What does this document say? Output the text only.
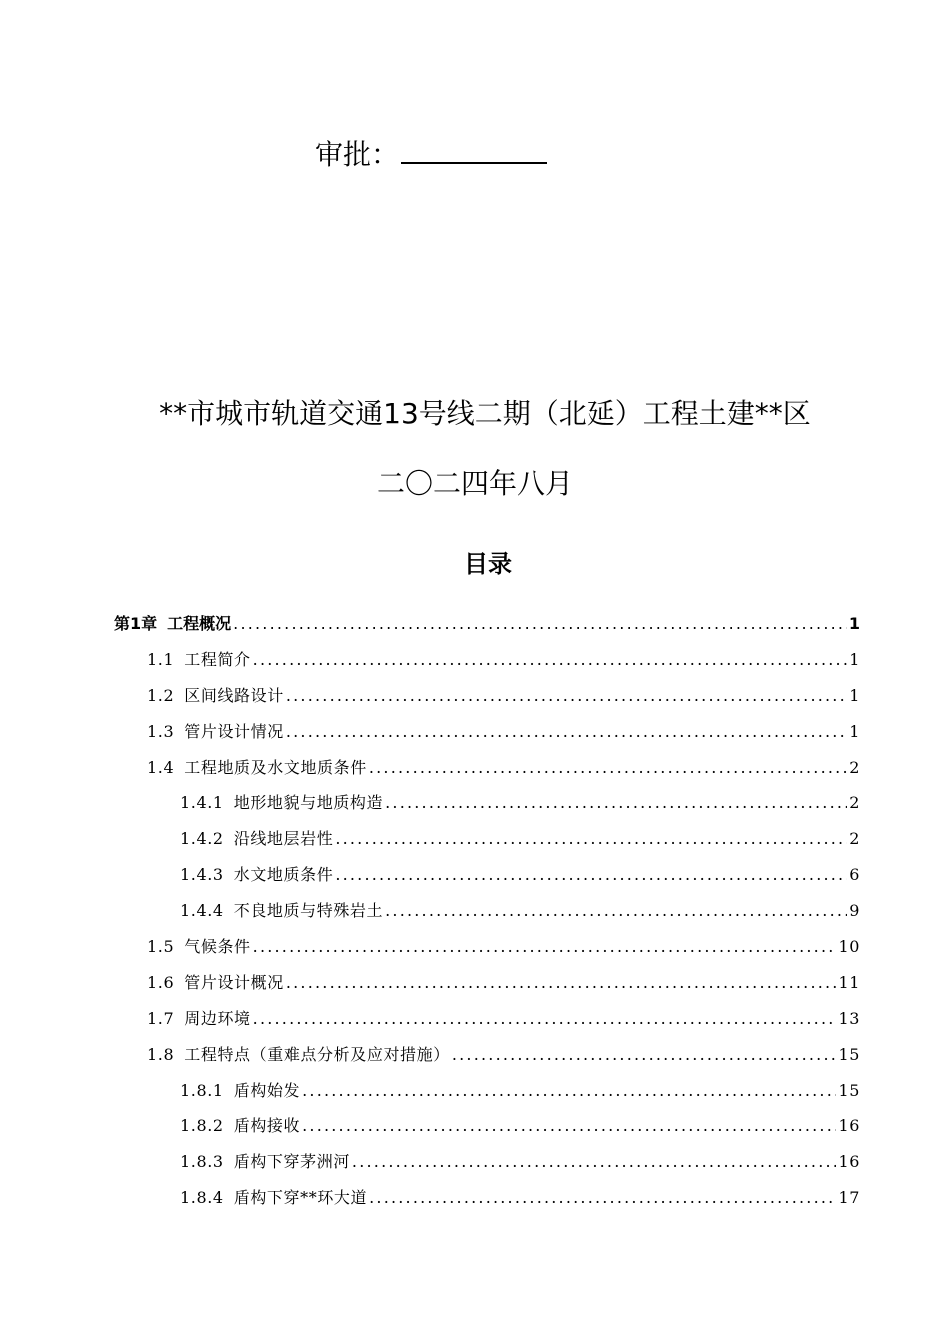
审批：
**市城市轨道交通13号线二期（北延）工程土建**区
二〇二四年八月
目录
第1章 工程概况 .....	1
1.1 工程简介 .....	1
1.2 区间线路设计 .....	1
1.3 管片设计情况 .....	1
1.4 工程地质及水文地质条件 .....	2
1.4.1 地形地貌与地质构造 .....	2
1.4.2 沿线地层岩性 .....	2
1.4.3 水文地质条件 .....	6
1.4.4 不良地质与特殊岩土 .....	9
1.5 气候条件 .....	10
1.6 管片设计概况 .....	11
1.7 周边环境 .....	13
1.8 工程特点（重难点分析及应对措施） .....	15
1.8.1 盾构始发 .....	15
1.8.2 盾构接收 .....	16
1.8.3 盾构下穿茅洲河 .....	16
1.8.4 盾构下穿**环大道 .....	17
